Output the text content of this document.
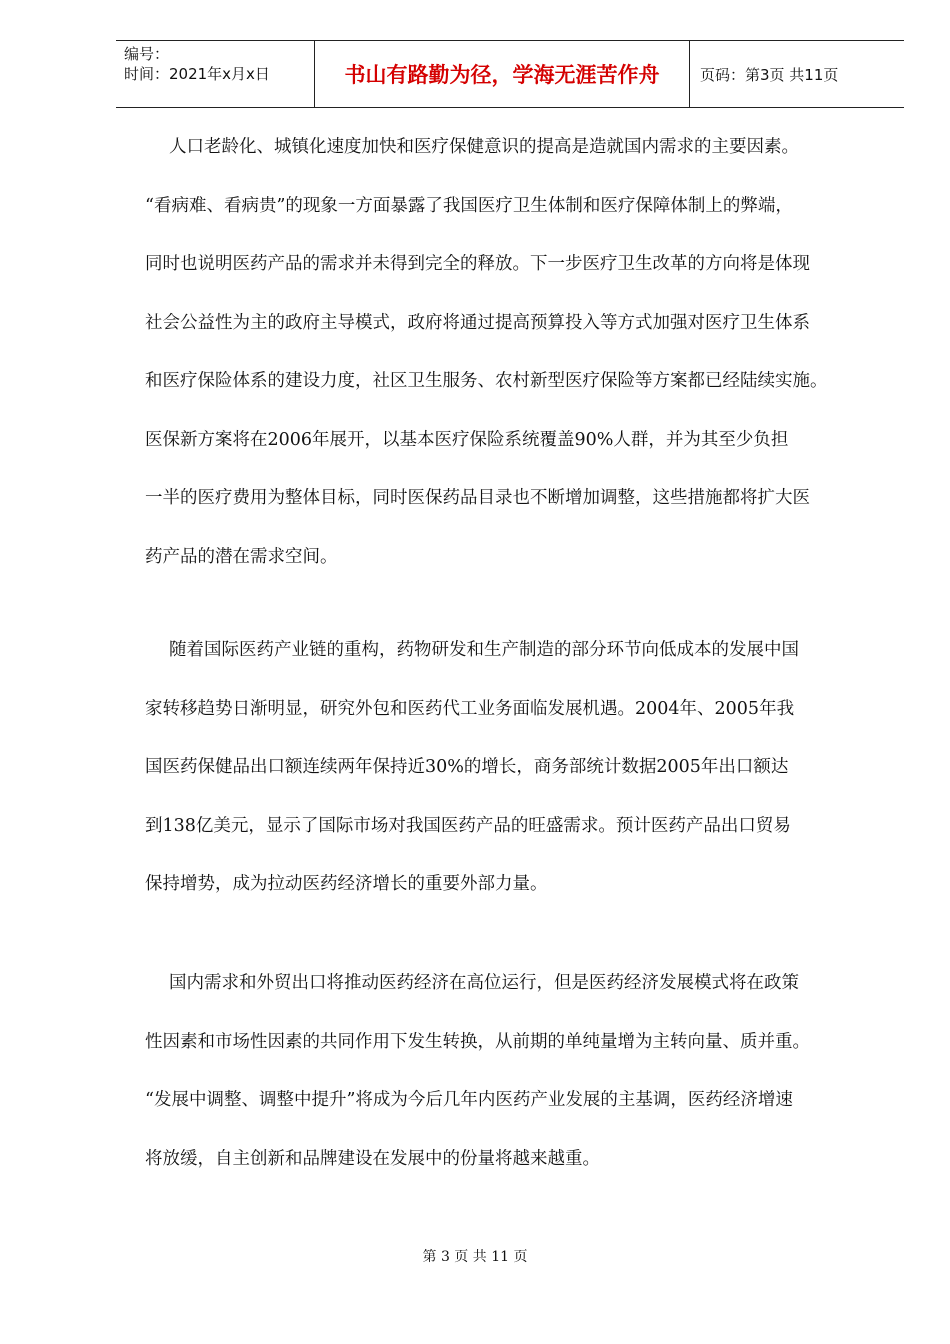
编号：
时间：2021年x月x日	书山有路勤为径，学海无涯苦作舟	页码：第3页 共11页

人口老龄化、城镇化速度加快和医疗保健意识的提高是造就国内需求的主要因素。
“看病难、看病贵”的现象一方面暴露了我国医疗卫生体制和医疗保障体制上的弊端，
同时也说明医药产品的需求并未得到完全的释放。下一步医疗卫生改革的方向将是体现
社会公益性为主的政府主导模式，政府将通过提高预算投入等方式加强对医疗卫生体系
和医疗保险体系的建设力度，社区卫生服务、农村新型医疗保险等方案都已经陆续实施。
医保新方案将在2006年展开，以基本医疗保险系统覆盖90%人群，并为其至少负担
一半的医疗费用为整体目标，同时医保药品目录也不断增加调整，这些措施都将扩大医
药产品的潜在需求空间。

随着国际医药产业链的重构，药物研发和生产制造的部分环节向低成本的发展中国
家转移趋势日渐明显，研究外包和医药代工业务面临发展机遇。2004年、2005年我
国医药保健品出口额连续两年保持近30%的增长，商务部统计数据2005年出口额达
到138亿美元，显示了国际市场对我国医药产品的旺盛需求。预计医药产品出口贸易
保持增势，成为拉动医药经济增长的重要外部力量。

国内需求和外贸出口将推动医药经济在高位运行，但是医药经济发展模式将在政策
性因素和市场性因素的共同作用下发生转换，从前期的单纯量增为主转向量、质并重。
“发展中调整、调整中提升”将成为今后几年内医药产业发展的主基调，医药经济增速
将放缓，自主创新和品牌建设在发展中的份量将越来越重。

第 3 页 共 11 页
